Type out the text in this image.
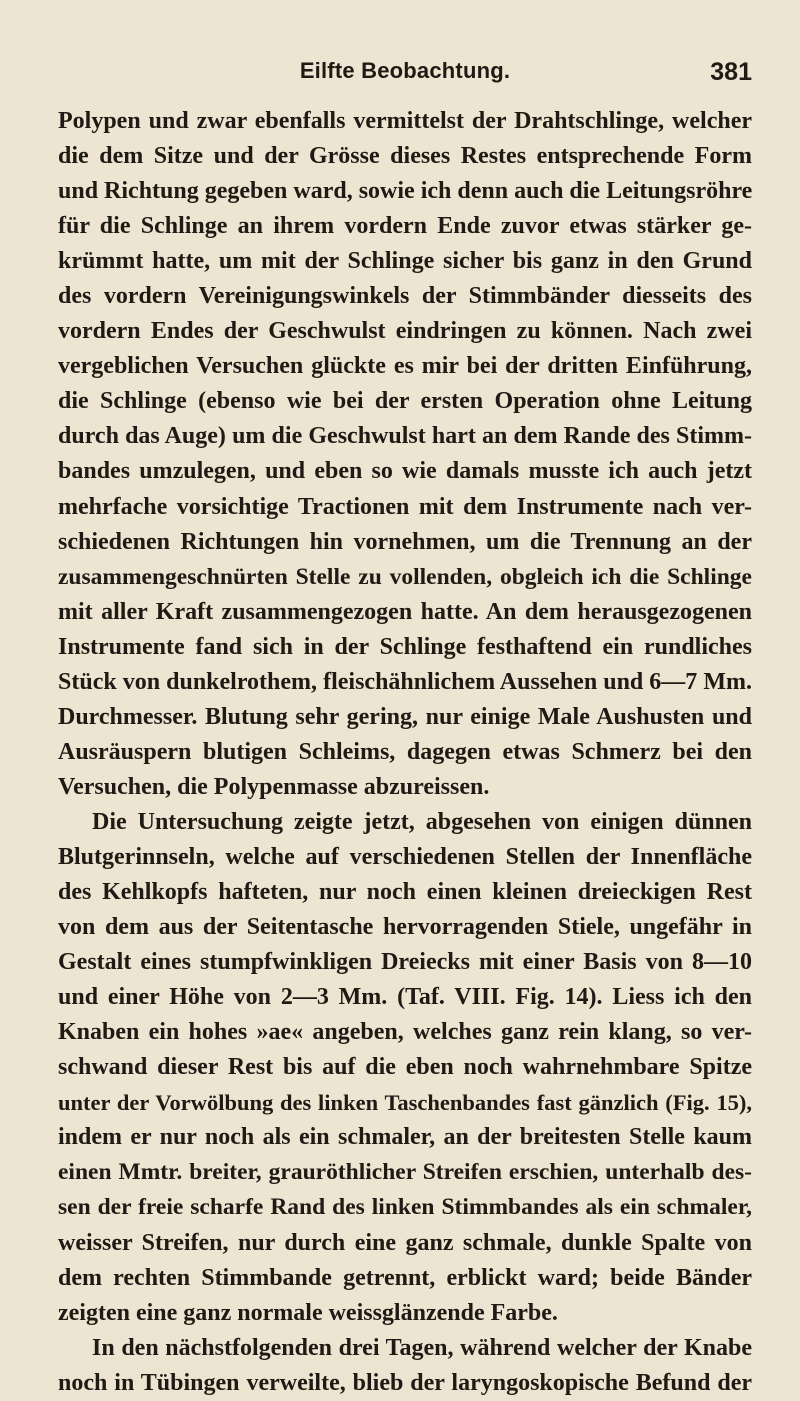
Eilfte Beobachtung.	381
Polypen und zwar ebenfalls vermittelst der Drahtschlinge, welcher
die dem Sitze und der Grösse dieses Restes entsprechende Form
und Richtung gegeben ward, sowie ich denn auch die Leitungsröhre
für die Schlinge an ihrem vordern Ende zuvor etwas stärker ge-
krümmt hatte, um mit der Schlinge sicher bis ganz in den Grund
des vordern Vereinigungswinkels der Stimmbänder diesseits des
vordern Endes der Geschwulst eindringen zu können. Nach zwei
vergeblichen Versuchen glückte es mir bei der dritten Einführung,
die Schlinge (ebenso wie bei der ersten Operation ohne Leitung
durch das Auge) um die Geschwulst hart an dem Rande des Stimm-
bandes umzulegen, und eben so wie damals musste ich auch jetzt
mehrfache vorsichtige Tractionen mit dem Instrumente nach ver-
schiedenen Richtungen hin vornehmen, um die Trennung an der
zusammengeschnürten Stelle zu vollenden, obgleich ich die Schlinge
mit aller Kraft zusammengezogen hatte. An dem herausgezogenen
Instrumente fand sich in der Schlinge festhaftend ein rundliches
Stück von dunkelrothem, fleischähnlichem Aussehen und 6—7 Mm.
Durchmesser. Blutung sehr gering, nur einige Male Aushusten und
Ausräuspern blutigen Schleims, dagegen etwas Schmerz bei den
Versuchen, die Polypenmasse abzureissen.
Die Untersuchung zeigte jetzt, abgesehen von einigen dünnen
Blutgerinnseln, welche auf verschiedenen Stellen der Innenfläche
des Kehlkopfs hafteten, nur noch einen kleinen dreieckigen Rest
von dem aus der Seitentasche hervorragenden Stiele, ungefähr in
Gestalt eines stumpfwinkligen Dreiecks mit einer Basis von 8—10
und einer Höhe von 2—3 Mm. (Taf. VIII. Fig. 14). Liess ich den
Knaben ein hohes »ae« angeben, welches ganz rein klang, so ver-
schwand dieser Rest bis auf die eben noch wahrnehmbare Spitze
unter der Vorwölbung des linken Taschenbandes fast gänzlich (Fig. 15),
indem er nur noch als ein schmaler, an der breitesten Stelle kaum
einen Mmtr. breiter, grauröthlicher Streifen erschien, unterhalb des-
sen der freie scharfe Rand des linken Stimmbandes als ein schmaler,
weisser Streifen, nur durch eine ganz schmale, dunkle Spalte von
dem rechten Stimmbande getrennt, erblickt ward; beide Bänder
zeigten eine ganz normale weissglänzende Farbe.
In den nächstfolgenden drei Tagen, während welcher der Knabe
noch in Tübingen verweilte, blieb der laryngoskopische Befund der
